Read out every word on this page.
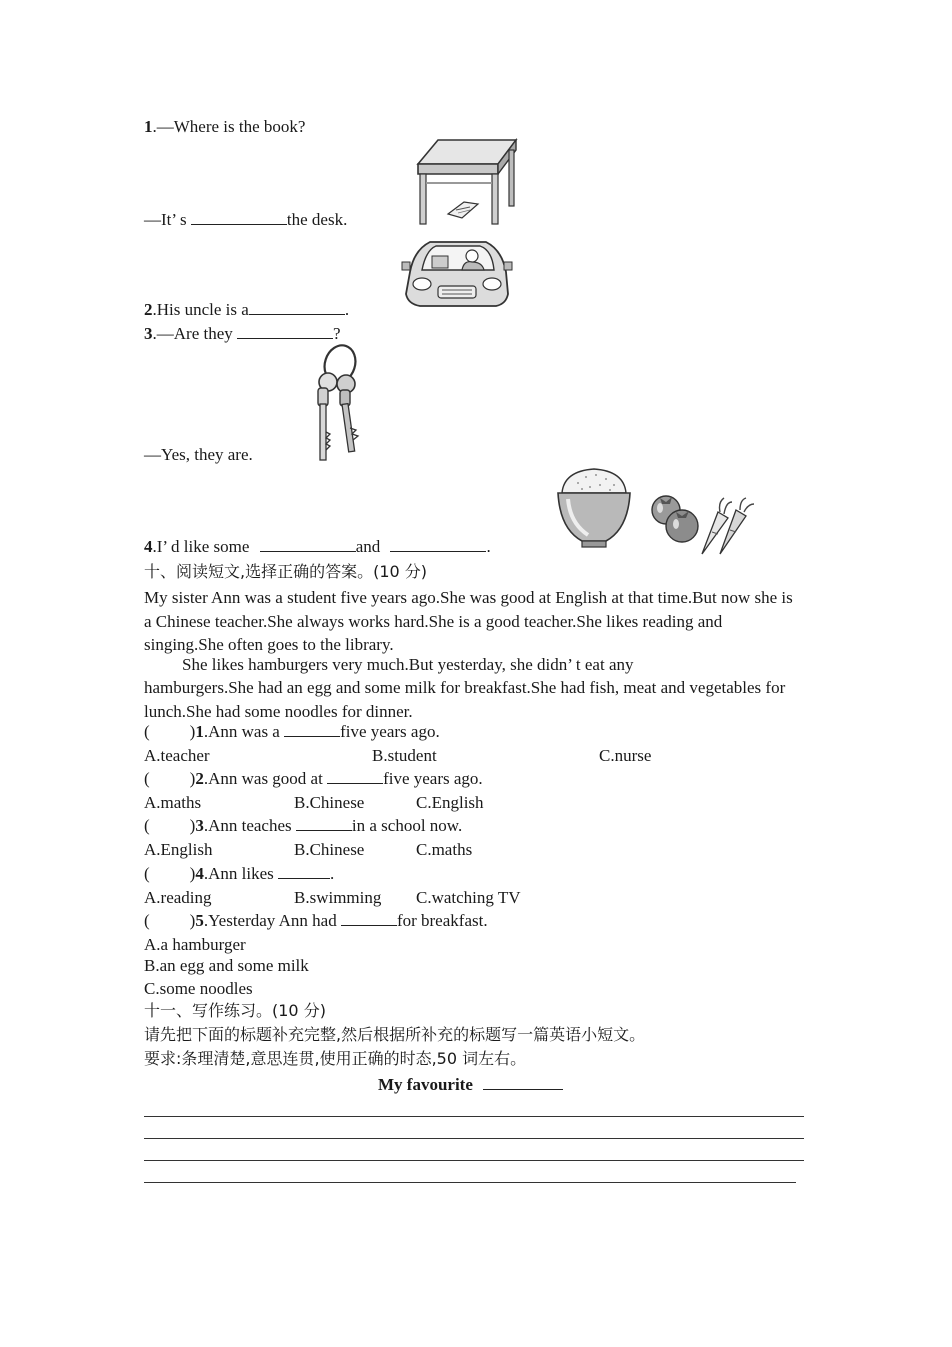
1.—Where is the book?
—It’ s	the desk.
2.His uncle is a	.
3.—Are they	?
—Yes, they are.
4.I’ d like some	and	.
十、阅读短文,选择正确的答案。(10 分)
My sister Ann was a student five years ago.She was good at English at that time.But now she is a Chinese teacher.She always works hard.She is a good teacher.She likes reading and singing.She often goes to the library.
She likes hamburgers very much.But yesterday, she didn’ t eat any
hamburgers.She had an egg and some milk for breakfast.She had fish, meat and vegetables for lunch.She had some noodles for dinner.
( )1.Ann was a	five years ago.
A.teacher	B.student	C.nurse
( )2.Ann was good at	five years ago.
A.maths	B.Chinese	C.English
( )3.Ann teaches	in a school now.
A.English	B.Chinese	C.maths
( )4.Ann likes	.
A.reading	B.swimming C.watching TV
( )5.Yesterday Ann had	for breakfast.
A.a hamburger
B.an egg and some milk
C.some noodles
十一、写作练习。(10 分)
请先把下面的标题补充完整,然后根据所补充的标题写一篇英语小短文。
要求:条理清楚,意思连贯,使用正确的时态,50 词左右。
My favourite
